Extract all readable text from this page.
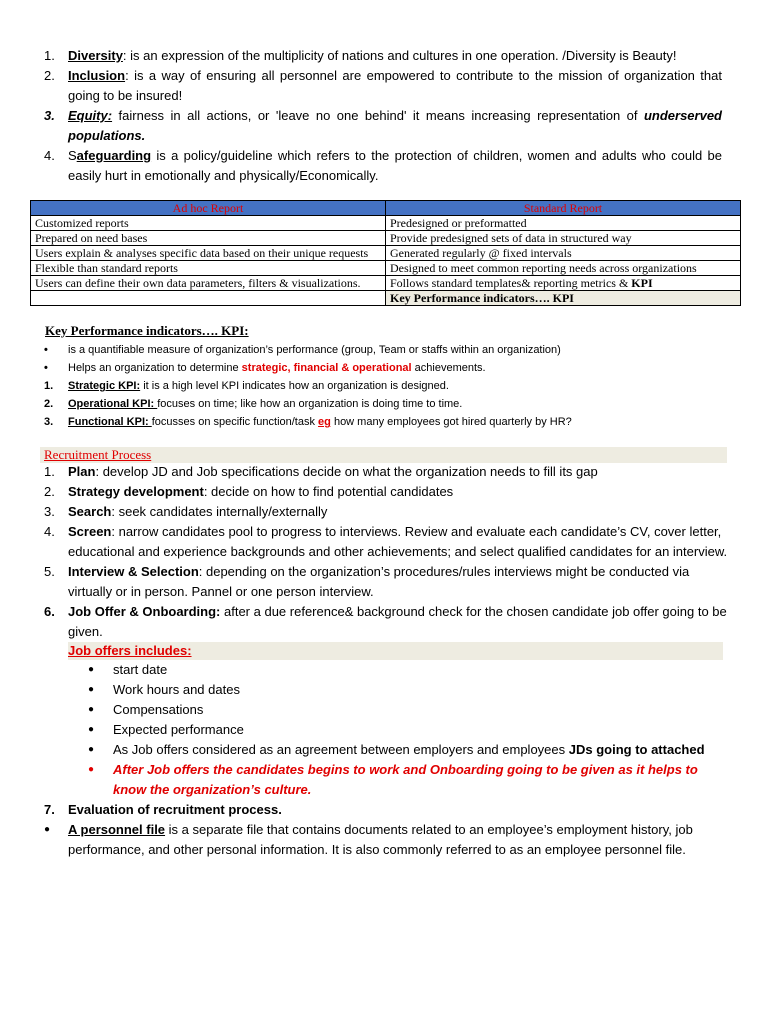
1. Diversity: is an expression of the multiplicity of nations and cultures in one operation. /Diversity is Beauty!
2. Inclusion: is a way of ensuring all personnel are empowered to contribute to the mission of organization that going to be insured!
3. Equity: fairness in all actions, or 'leave no one behind' it means increasing representation of underserved populations.
4. Safeguarding is a policy/guideline which refers to the protection of children, women and adults who could be easily hurt in emotionally and physically/Economically.
Ad hoc Report	Standard Report
Customized reports	Predesigned or preformatted
Prepared on need bases	Provide predesigned sets of data in structured way
Users explain & analyses specific data based on their unique requests	Generated regularly @ fixed intervals
Flexible than standard reports	Designed to meet common reporting needs across organizations
Users can define their own data parameters, filters & visualizations.	Follows standard templates& reporting metrics & KPI
	Key Performance indicators…. KPI
Key Performance indicators…. KPI:
• is a quantifiable measure of organization’s performance (group, Team or staffs within an organization)
• Helps an organization to determine strategic, financial & operational achievements.
1. Strategic KPI: it is a high level KPI indicates how an organization is designed.
2. Operational KPI: focuses on time; like how an organization is doing time to time.
3. Functional KPI: focusses on specific function/task eg how many employees got hired quarterly by HR?
Recruitment Process
1. Plan: develop JD and Job specifications decide on what the organization needs to fill its gap
2. Strategy development: decide on how to find potential candidates
3. Search: seek candidates internally/externally
4. Screen: narrow candidates pool to progress to interviews. Review and evaluate each candidate’s CV, cover letter, educational and experience backgrounds and other achievements; and select qualified candidates for an interview.
5. Interview & Selection: depending on the organization’s procedures/rules interviews might be conducted via virtually or in person. Pannel or one person interview.
6. Job Offer & Onboarding: after a due reference& background check for the chosen candidate job offer going to be given.
Job offers includes:
● start date
● Work hours and dates
● Compensations
● Expected performance
● As Job offers considered as an agreement between employers and employees JDs going to attached
● After Job offers the candidates begins to work and Onboarding going to be given as it helps to know the organization’s culture.
7. Evaluation of recruitment process.
● A personnel file is a separate file that contains documents related to an employee’s employment history, job performance, and other personal information. It is also commonly referred to as an employee personnel file.
